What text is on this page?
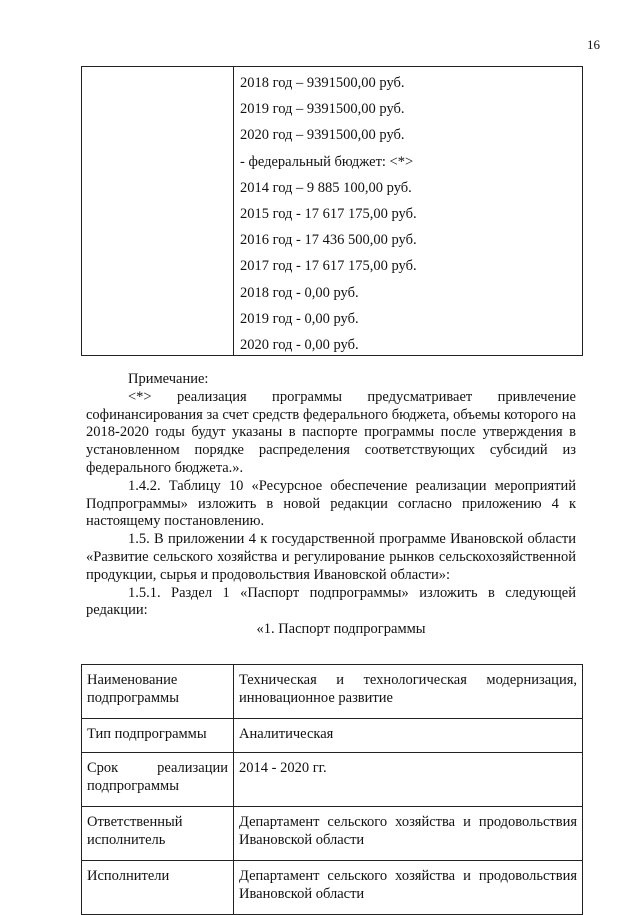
16
2018 год – 9391500,00 руб.
2019 год – 9391500,00 руб.
2020 год – 9391500,00 руб.
- федеральный бюджет: <*>
2014 год – 9 885 100,00 руб.
2015 год - 17 617 175,00 руб.
2016 год - 17 436 500,00 руб.
2017 год - 17 617 175,00 руб.
2018 год - 0,00 руб.
2019 год - 0,00 руб.
2020 год - 0,00 руб.

Примечание:

<*> реализация программы предусматривает привлечение софинансирования за счет средств федерального бюджета, объемы которого на 2018-2020 годы будут указаны в паспорте программы после утверждения в установленном порядке распределения соответствующих субсидий из федерального бюджета.».

1.4.2. Таблицу 10 «Ресурсное обеспечение реализации мероприятий Подпрограммы» изложить в новой редакции согласно приложению 4 к настоящему постановлению.

1.5. В приложении 4 к государственной программе Ивановской области «Развитие сельского хозяйства и регулирование рынков сельскохозяйственной продукции, сырья и продовольствия Ивановской области»:

1.5.1. Раздел 1 «Паспорт подпрограммы» изложить в следующей редакции:

«1. Паспорт подпрограммы

Наименование
подпрограммы	Техническая и технологическая модернизация, инновационное развитие
Тип подпрограммы	Аналитическая

Срок реализации
подпрограммы	2014 - 2020 гг.
Ответственный
исполнитель	Департамент сельского хозяйства и продовольствия Ивановской области
Исполнители	Департамент сельского хозяйства и продовольствия Ивановской области
